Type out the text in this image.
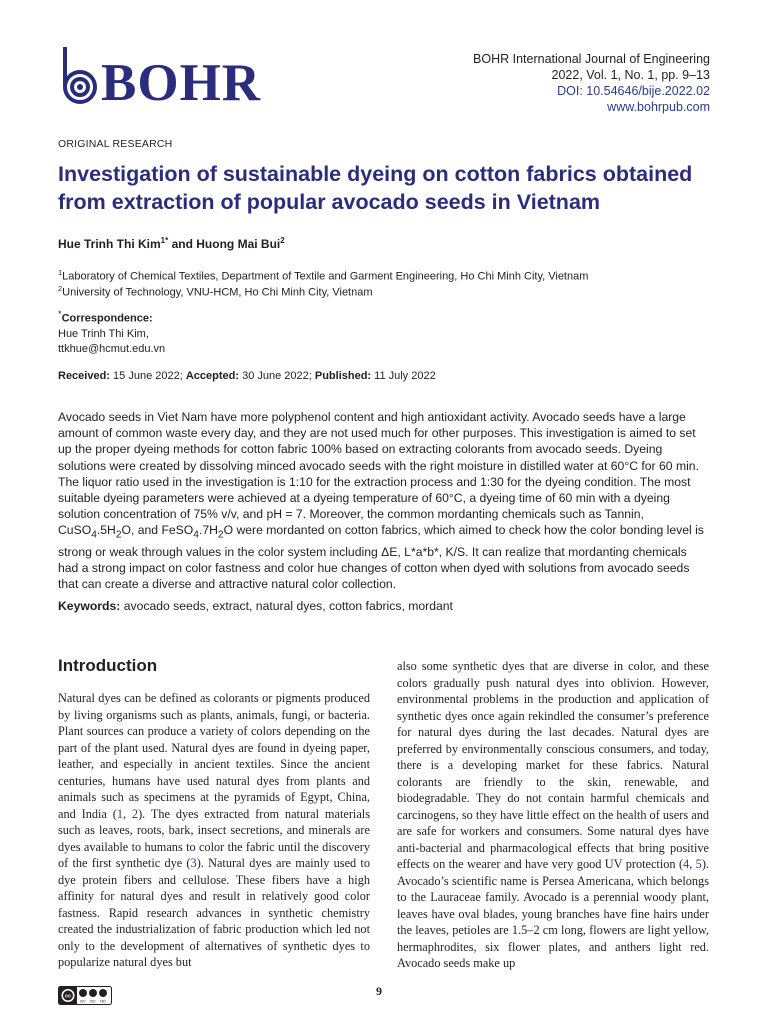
BOHR	BOHR International Journal of Engineering
2022, Vol. 1, No. 1, pp. 9–13
DOI: 10.54646/bije.2022.02
www.bohrpub.com
ORIGINAL RESEARCH
Investigation of sustainable dyeing on cotton fabrics obtained from extraction of popular avocado seeds in Vietnam
Hue Trinh Thi Kim$^{1*}$ and Huong Mai Bui$^2$
$^1$Laboratory of Chemical Textiles, Department of Textile and Garment Engineering, Ho Chi Minh City, Vietnam
$^2$University of Technology, VNU-HCM, Ho Chi Minh City, Vietnam
*Correspondence:
Hue Trinh Thi Kim,
ttkhue@hcmut.edu.vn
Received: 15 June 2022; Accepted: 30 June 2022; Published: 11 July 2022
Avocado seeds in Viet Nam have more polyphenol content and high antioxidant activity. Avocado seeds have a large amount of common waste every day, and they are not used much for other purposes. This investigation is aimed to set up the proper dyeing methods for cotton fabric 100% based on extracting colorants from avocado seeds. Dyeing solutions were created by dissolving minced avocado seeds with the right moisture in distilled water at 60°C for 60 min. The liquor ratio used in the investigation is 1:10 for the extraction process and 1:30 for the dyeing condition. The most suitable dyeing parameters were achieved at a dyeing temperature of 60°C, a dyeing time of 60 min with a dyeing solution concentration of 75% v/v, and pH = 7. Moreover, the common mordanting chemicals such as Tannin, $CuSO_4.5H_2O$, and $FeSO_4.7H_2O$ were mordanted on cotton fabrics, which aimed to check how the color bonding level is strong or weak through values in the color system including ΔE, L*a*b*, K/S. It can realize that mordanting chemicals had a strong impact on color fastness and color hue changes of cotton when dyed with solutions from avocado seeds that can create a diverse and attractive natural color collection.
Keywords: avocado seeds, extract, natural dyes, cotton fabrics, mordant
Introduction
Natural dyes can be defined as colorants or pigments produced by living organisms such as plants, animals, fungi, or bacteria. Plant sources can produce a variety of colors depending on the part of the plant used. Natural dyes are found in dyeing paper, leather, and especially in ancient textiles. Since the ancient centuries, humans have used natural dyes from plants and animals such as specimens at the pyramids of Egypt, China, and India (1, 2). The dyes extracted from natural materials such as leaves, roots, bark, insect secretions, and minerals are dyes available to humans to color the fabric until the discovery of the first synthetic dye (3). Natural dyes are mainly used to dye protein fibers and cellulose. These fibers have a high affinity for natural dyes and result in relatively good color fastness. Rapid research advances in synthetic chemistry created the industrialization of fabric production which led not only to the development of alternatives of synthetic dyes to popularize natural dyes but
also some synthetic dyes that are diverse in color, and these colors gradually push natural dyes into oblivion. However, environmental problems in the production and application of synthetic dyes once again rekindled the consumer’s preference for natural dyes during the last decades. Natural dyes are preferred by environmentally conscious consumers, and today, there is a developing market for these fabrics. Natural colorants are friendly to the skin, renewable, and biodegradable. They do not contain harmful chemicals and carcinogens, so they have little effect on the health of users and are safe for workers and consumers. Some natural dyes have anti-bacterial and pharmacological effects that bring positive effects on the wearer and have very good UV protection (4, 5). Avocado’s scientific name is Persea Americana, which belongs to the Lauraceae family. Avocado is a perennial woody plant, leaves have oval blades, young branches have fine hairs under the leaves, petioles are 1.5–2 cm long, flowers are light yellow, hermaphrodites, six flower plates, and anthers light red. Avocado seeds make up
cc
BY NC ND
9
